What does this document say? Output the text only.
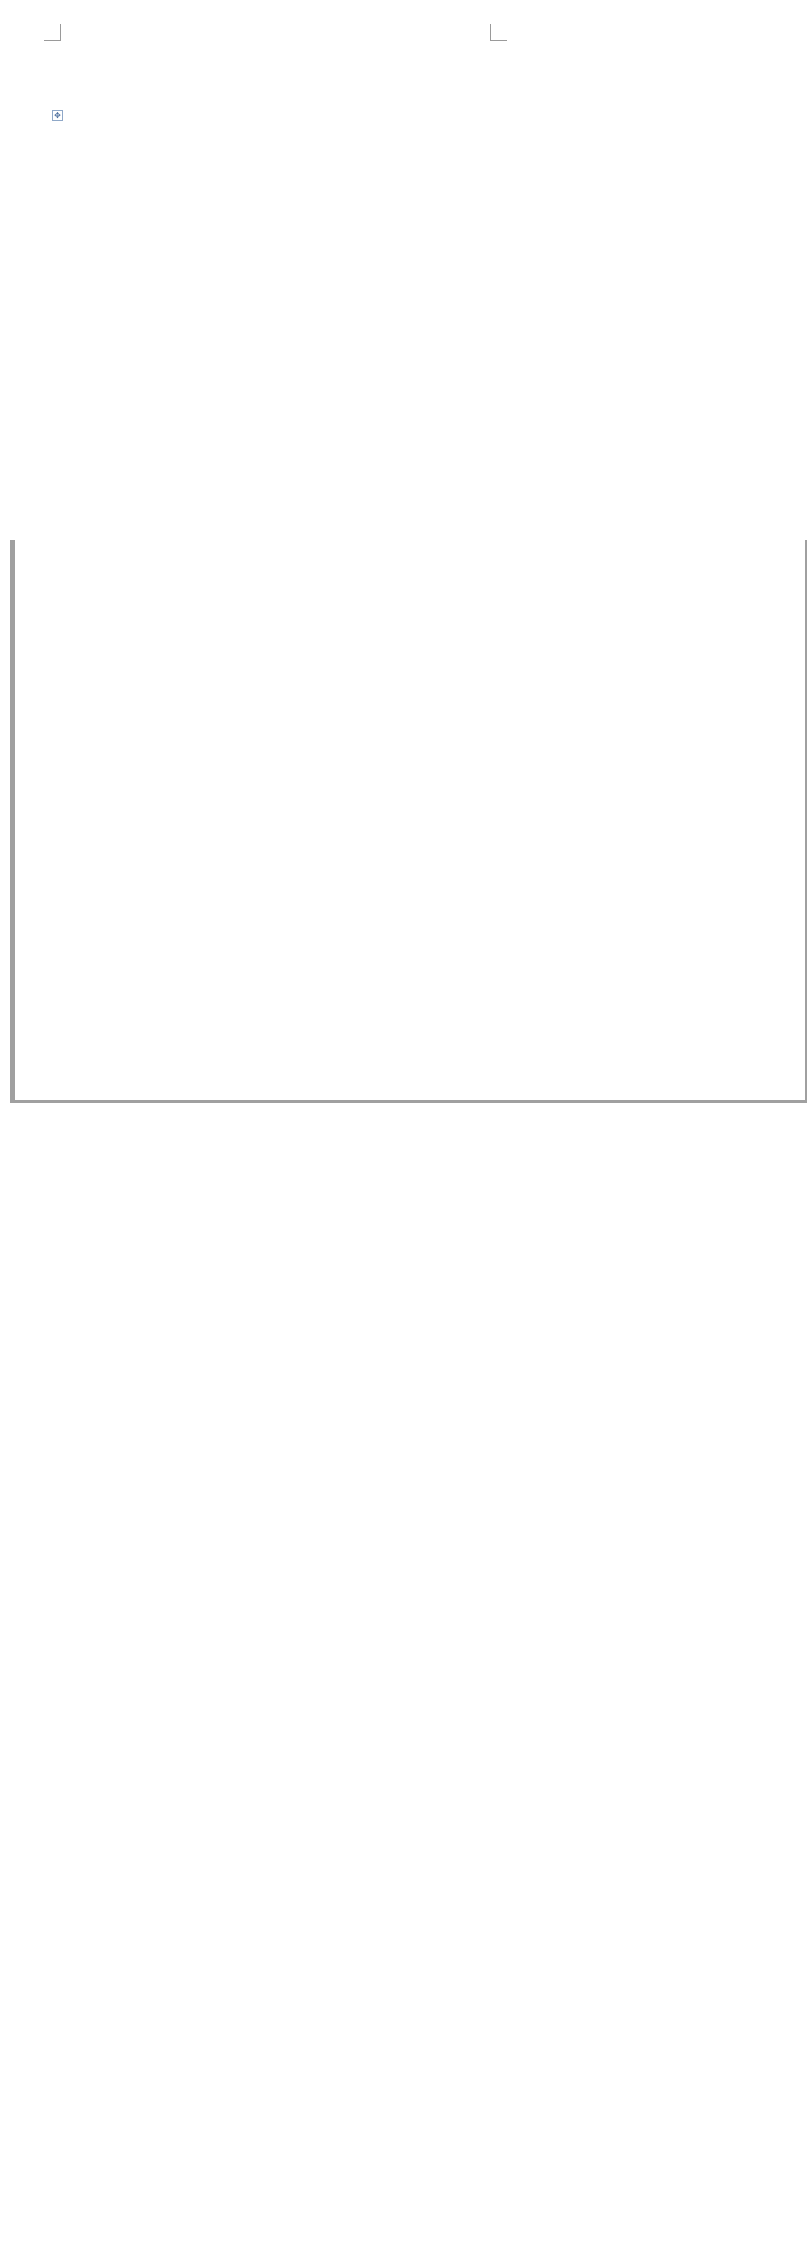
✥
